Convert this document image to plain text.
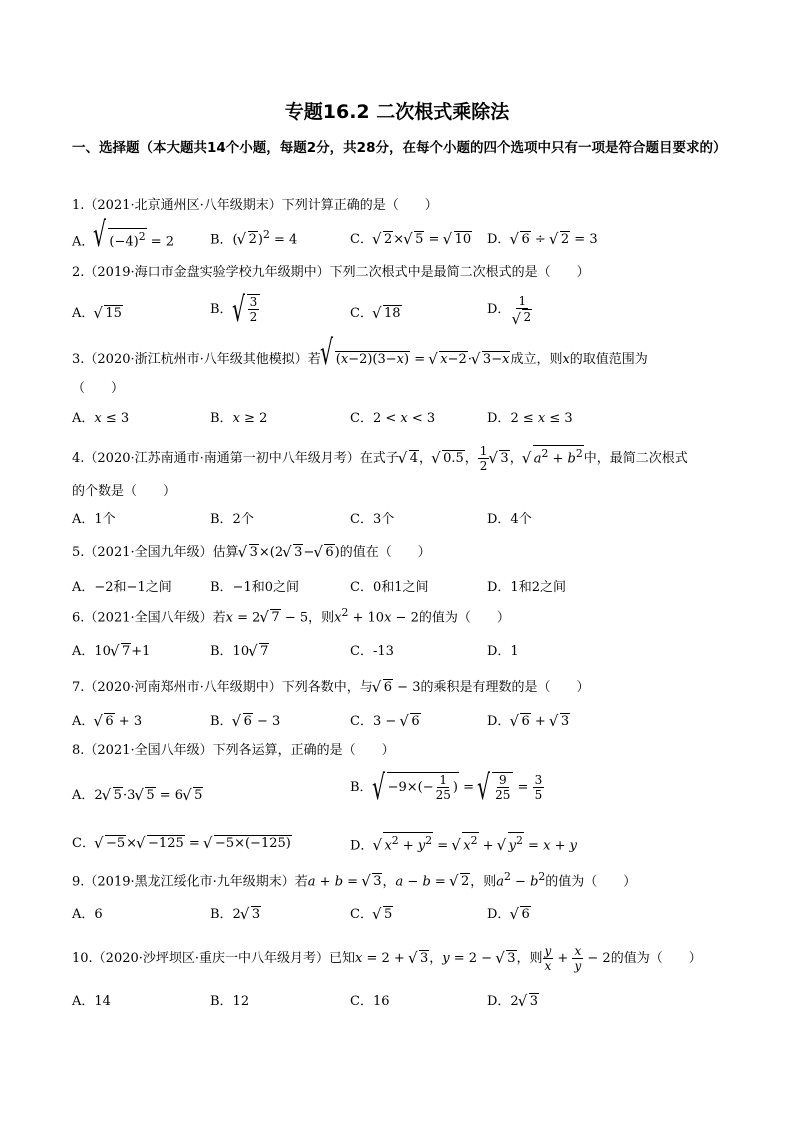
专题16.2 二次根式乘除法
一、选择题（本大题共14个小题，每题2分，共28分，在每个小题的四个选项中只有一项是符合题目要求的）
1.（2021·北京通州区·八年级期末）下列计算正确的是（　　）
A． √ $(-4)^2 = 2$	B．( √ 2)$^2$ = 4	C． √ 2× √ 5 = √ 10 D． √ 6 ÷ √ 2 = 3
2.（2019·海口市金盘实验学校九年级期中）下列二次根式中是最简二次根式的是（　　）
A． √ 15	B． √ $\frac{3}{2}$	C． √ 18	D． 1
√ 2
3.（2020·浙江杭州市·八年级其他模拟）若 √ (x−2)(3−x) = √ x−2· √ 3−x成立，则x的取值范围为
（　　）
A．x ≤ 3	B．x ≥ 2	C．2 < x < 3	D．2 ≤ x ≤ 3
4.（2020·江苏南通市·南通第一初中八年级月考）在式子 √ 4， √ 0.5， $\frac{1}{2}$ √ 3， √ $a^2 + b^2$中，最简二次根式
的个数是（　　）
A．1个	B．2个	C．3个	D．4个
5.（2021·全国九年级）估算 √ 3×(2 √ 3− √ 6)的值在（　　）
A．−2和−1之间	B．−1和0之间	C．0和1之间	D．1和2之间
6.（2021·全国八年级）若x = 2 √ 7 − 5，则$x^2 + 10x - 2$的值为（　　）
A．10 √ 7+1	B．10 √ 7	C．-13	D．1
7.（2020·河南郑州市·八年级期中）下列各数中，与 √ 6 − 3的乘积是有理数的是（　　）
A． √ 6 + 3	B． √ 6 − 3	C．3 − √ 6	D． √ 6 + √ 3
8.（2021·全国八年级）下列各运算，正确的是（　　）
A．2 √ 5·3 √ 5 = 6 √ 5
B． √ $-9\times(- \frac{1}{25}$ ) = √ $\frac{9}{25} = \frac{3}{5}$
C． √ −5× √ −125 = √ −5×(−125)	D． √ $x^2 + y^2$ = √ $x^2$ + √ $y^2 = x + y$
9.（2019·黑龙江绥化市·九年级期末）若a + b = √ 3，a − b = √ 2，则$a^2 - b^2$的值为（　　）
A．6	B．2 √ 3	C． √ 5	D． √ 6
10.（2020·沙坪坝区·重庆一中八年级月考）已知x = 2 + √ 3，y = 2 − √ 3，则 $\frac{y}{x} + \frac{x}{y} - 2$的值为（　　）
A．14	B．12	C．16	D．2 √ 3
